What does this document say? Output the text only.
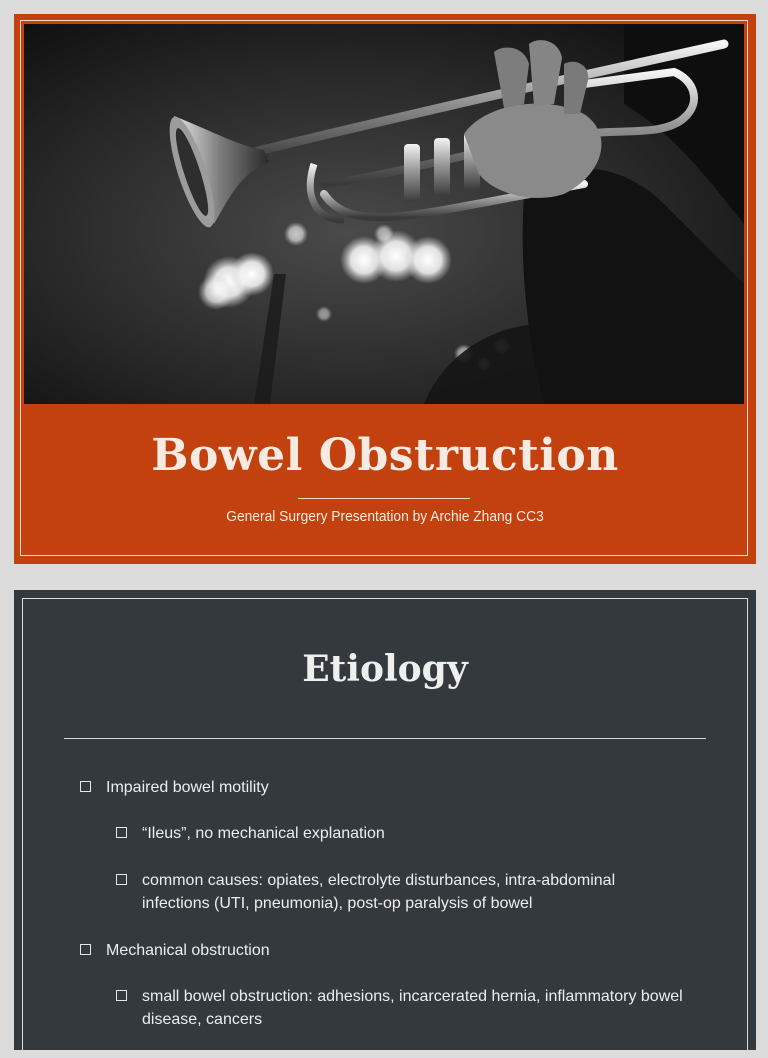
Bowel Obstruction
General Surgery Presentation by Archie Zhang CC3
Etiology
Impaired bowel motility
“Ileus”, no mechanical explanation
common causes: opiates, electrolyte disturbances, intra-abdominal infections (UTI, pneumonia), post-op paralysis of bowel
Mechanical obstruction
small bowel obstruction: adhesions, incarcerated hernia, inflammatory bowel disease, cancers
